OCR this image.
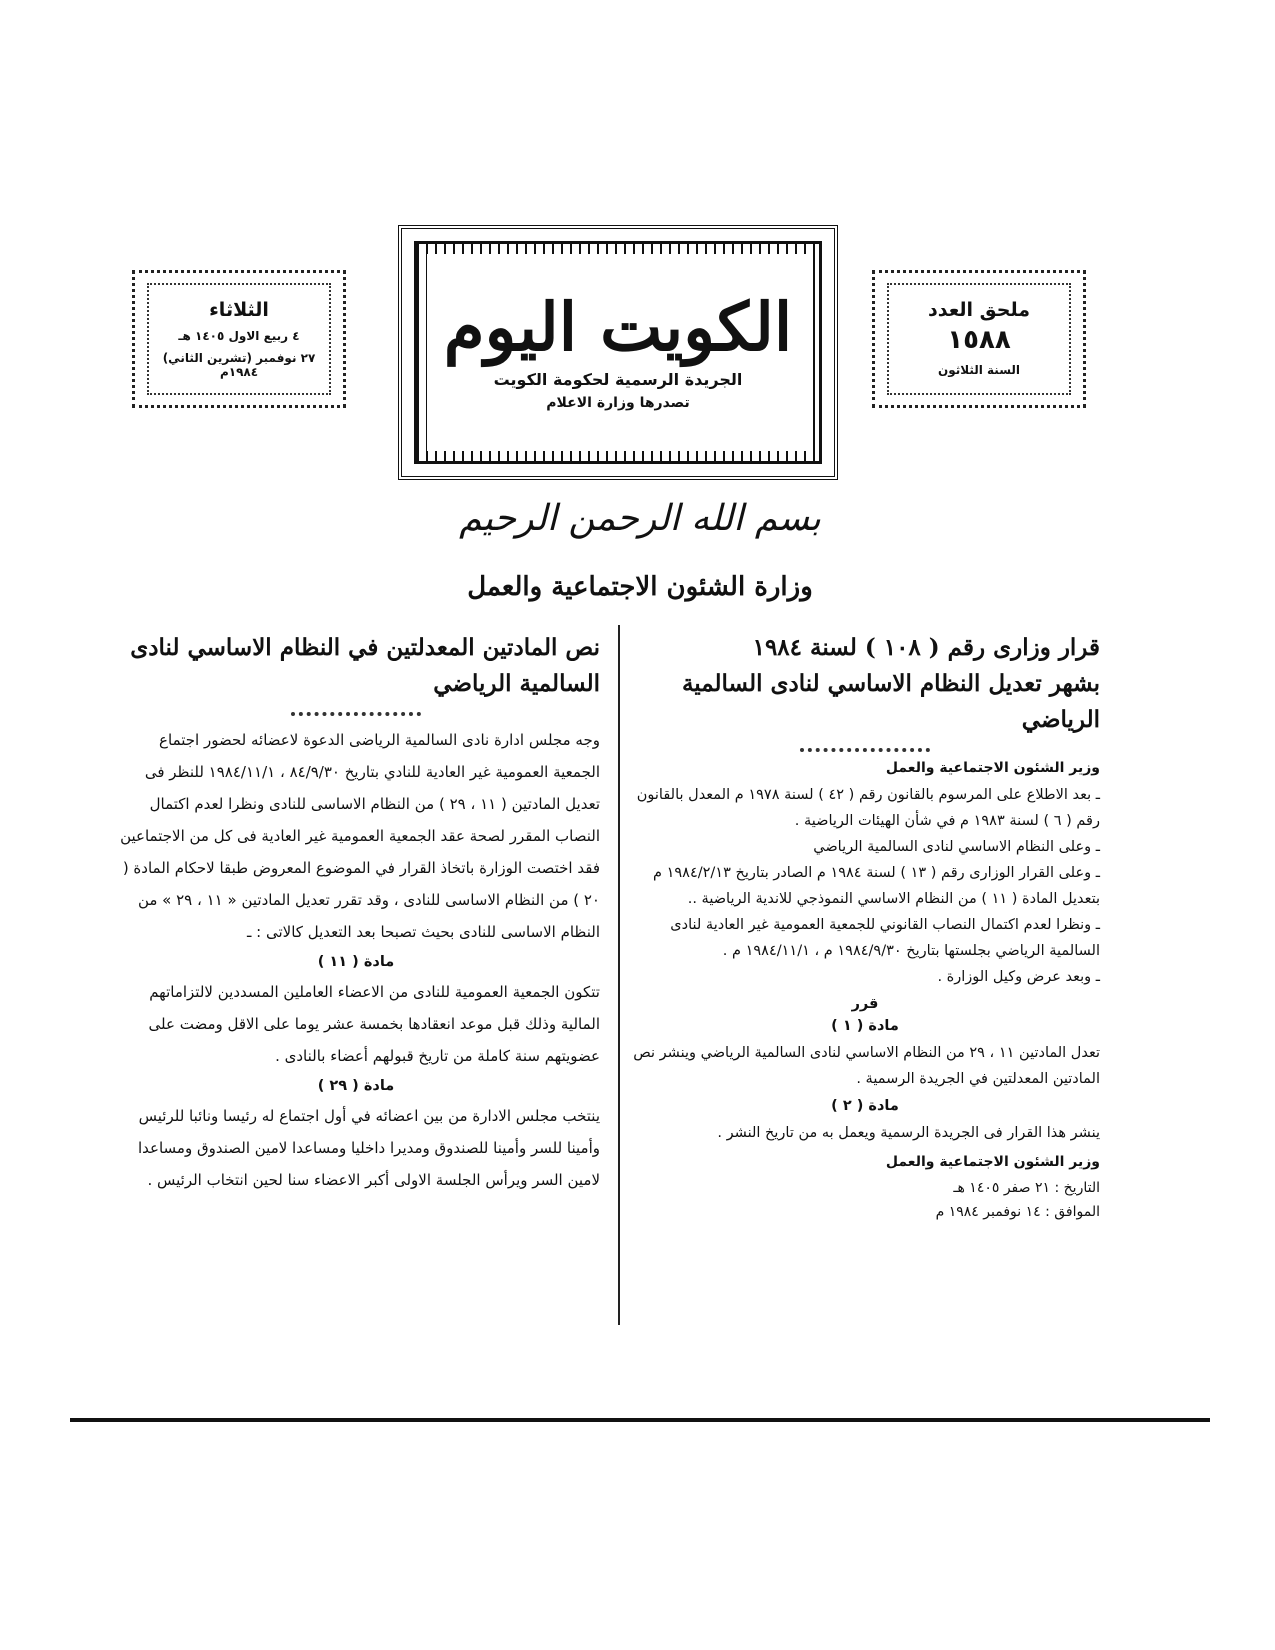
ملحق العدد
١٥٨٨
السنة الثلاثون
الثلاثاء
٤ ربيع الاول ١٤٠٥ هـ
٢٧ نوفمبر (تشرين الثاني) ١٩٨٤م
الكويت اليوم
الجريدة الرسمية لحكومة الكويت
تصدرها وزارة الاعلام
بسم الله الرحمن الرحيم
وزارة الشئون الاجتماعية والعمل
قرار وزارى رقم ( ١٠٨ ) لسنة ١٩٨٤
بشهر تعديل النظام الاساسي لنادى السالمية
الرياضي
وزير الشئون الاجتماعية والعمل

ـ بعد الاطلاع على المرسوم بالقانون رقم ( ٤٢ ) لسنة ١٩٧٨ م المعدل بالقانون رقم ( ٦ ) لسنة ١٩٨٣ م في شأن الهيئات الرياضية .

ـ وعلى النظام الاساسي لنادى السالمية الرياضي

ـ وعلى القرار الوزارى رقم ( ١٣ ) لسنة ١٩٨٤ م الصادر بتاريخ ١٩٨٤/٢/١٣ م بتعديل المادة ( ١١ ) من النظام الاساسي النموذجي للاندية الرياضية ..

ـ ونظرا لعدم اكتمال النصاب القانوني للجمعية العمومية غير العادية لنادى السالمية الرياضي بجلستها بتاريخ ١٩٨٤/٩/٣٠ م ، ١٩٨٤/١١/١ م .

ـ وبعد عرض وكيل الوزارة .

قرر
مادة ( ١ )

تعدل المادتين ١١ ، ٢٩ من النظام الاساسي لنادى السالمية الرياضي وينشر نص المادتين المعدلتين في الجريدة الرسمية .

مادة ( ٢ )

ينشر هذا القرار فى الجريدة الرسمية ويعمل به من تاريخ النشر .

وزير الشئون الاجتماعية والعمل
التاريخ : ٢١ صفر ١٤٠٥ هـ
الموافق : ١٤ نوفمبر ١٩٨٤ م
نص المادتين المعدلتين في النظام الاساسي لنادى
السالمية الرياضي

وجه مجلس ادارة نادى السالمية الرياضى الدعوة لاعضائه لحضور اجتماع الجمعية العمومية غير العادية للنادي بتاريخ ٨٤/٩/٣٠ ، ١٩٨٤/١١/١ للنظر فى تعديل المادتين ( ١١ ، ٢٩ ) من النظام الاساسى للنادى ونظرا لعدم اكتمال النصاب المقرر لصحة عقد الجمعية العمومية غير العادية فى كل من الاجتماعين فقد اختصت الوزارة باتخاذ القرار في الموضوع المعروض طبقا لاحكام المادة ( ٢٠ ) من النظام الاساسى للنادى ، وقد تقرر تعديل المادتين « ١١ ، ٢٩ » من النظام الاساسى للنادى بحيث تصبحا بعد التعديل كالاتى : ـ

مادة ( ١١ )

تتكون الجمعية العمومية للنادى من الاعضاء العاملين المسددين لالتزاماتهم المالية وذلك قبل موعد انعقادها بخمسة عشر يوما على الاقل ومضت على عضويتهم سنة كاملة من تاريخ قبولهم أعضاء بالنادى .

مادة ( ٢٩ )

ينتخب مجلس الادارة من بين اعضائه في أول اجتماع له رئيسا ونائبا للرئيس وأمينا للسر وأمينا للصندوق ومديرا داخليا ومساعدا لامين الصندوق ومساعدا لامين السر ويرأس الجلسة الاولى أكبر الاعضاء سنا لحين انتخاب الرئيس .
